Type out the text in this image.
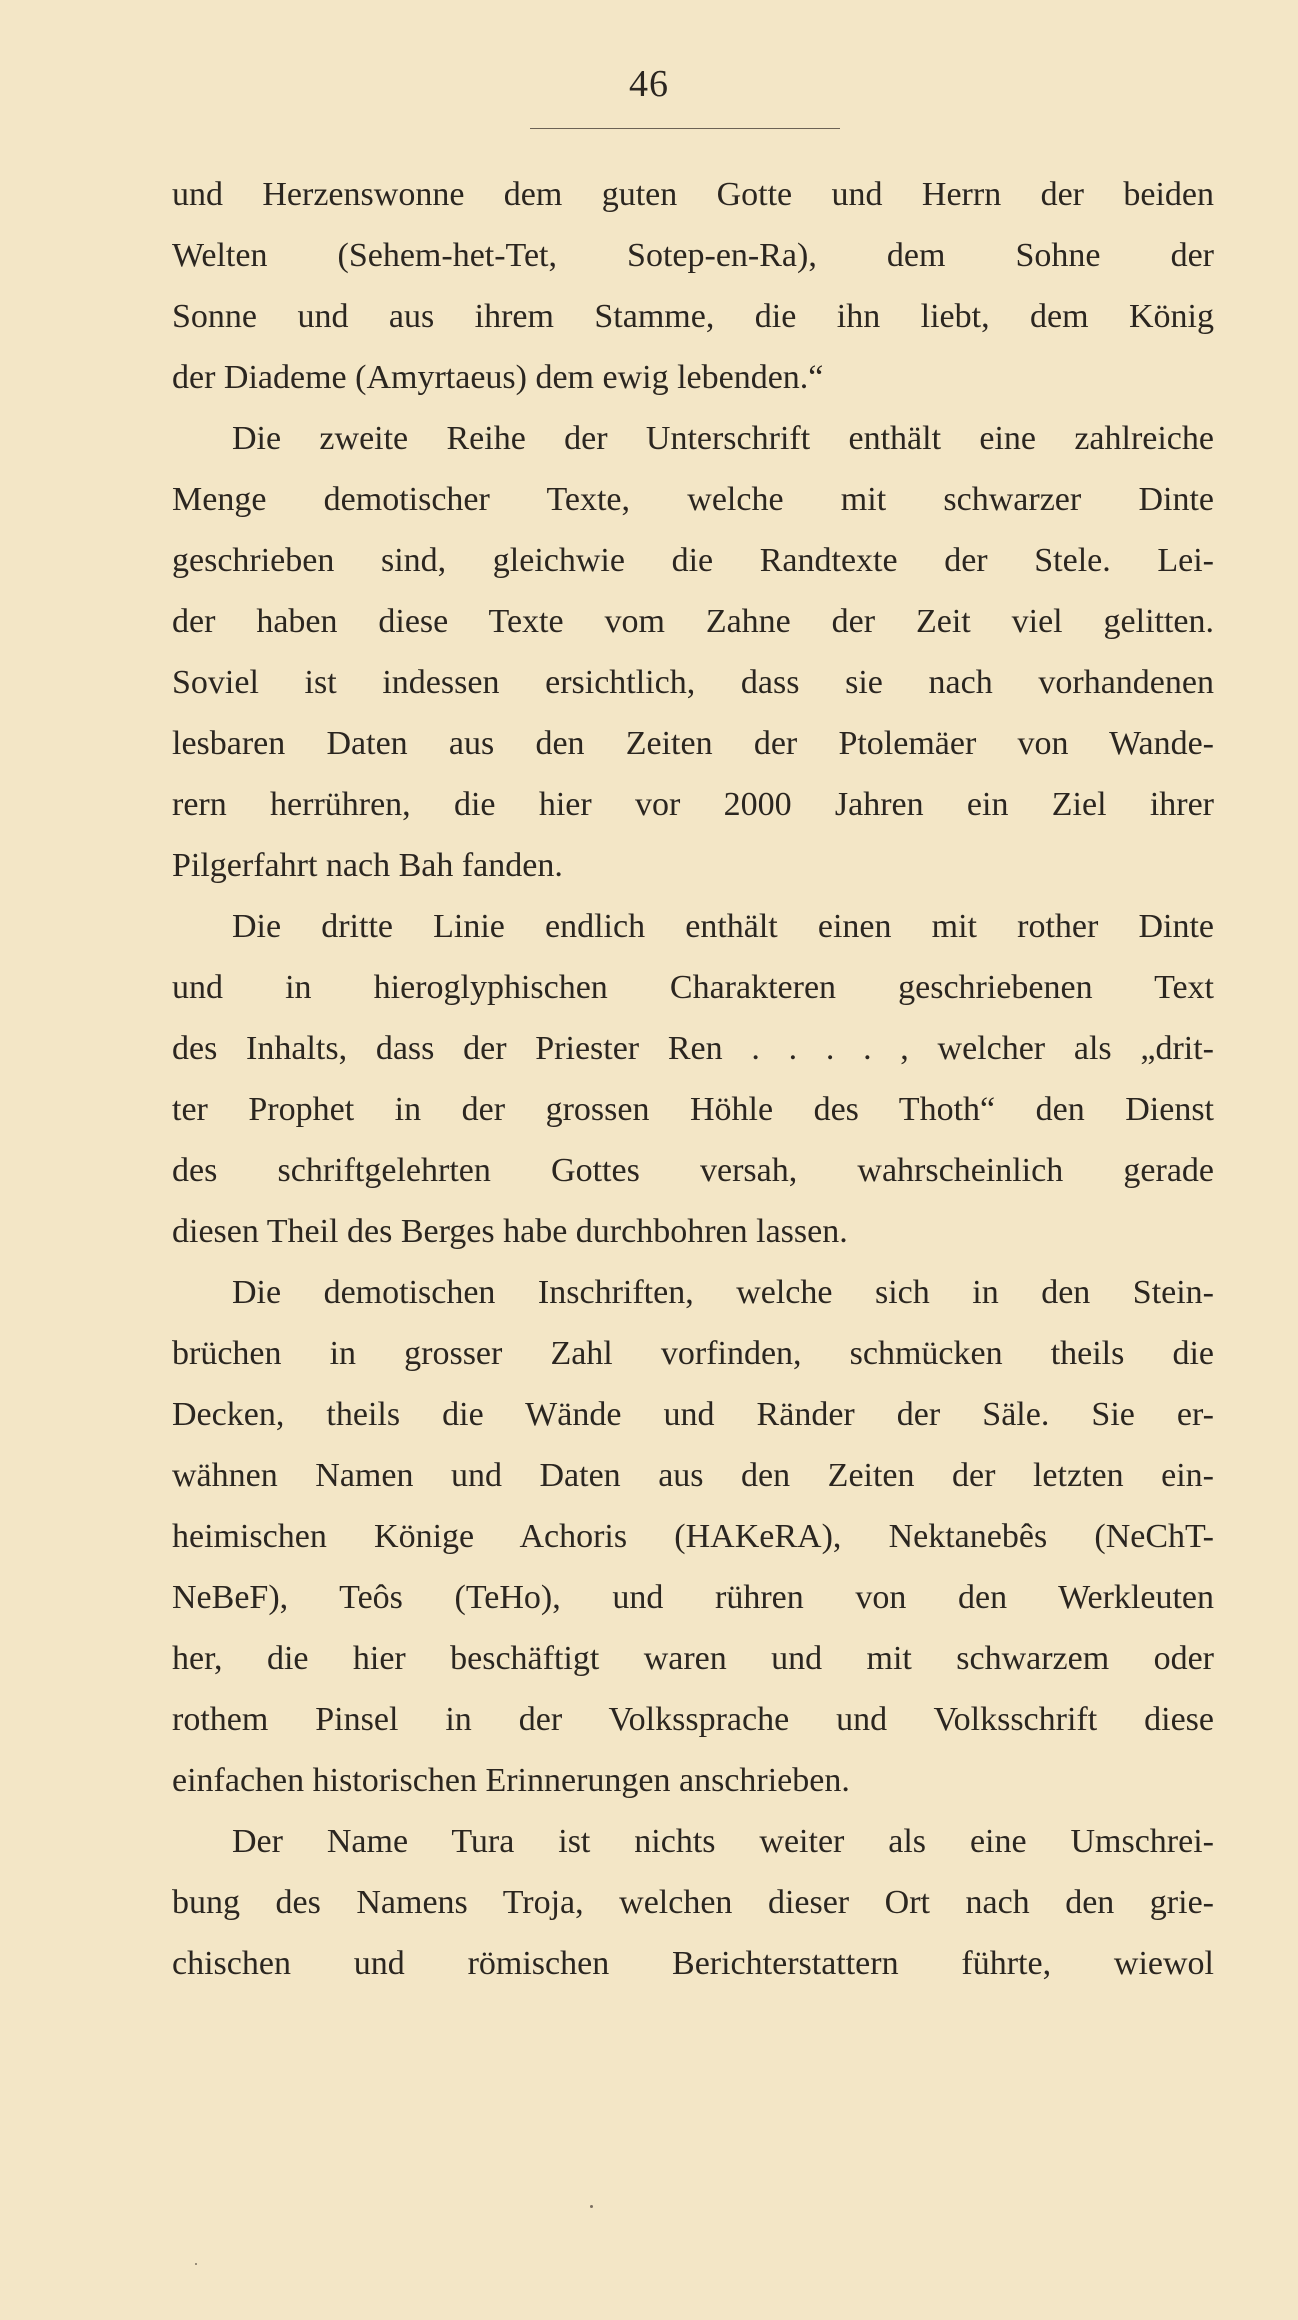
46
und Herzenswonne dem guten Gotte und Herrn der beiden
Welten (Sehem-het-Tet, Sotep-en-Ra), dem Sohne der
Sonne und aus ihrem Stamme, die ihn liebt, dem König
der Diademe (Amyrtaeus) dem ewig lebenden.“
Die zweite Reihe der Unterschrift enthält eine zahlreiche
Menge demotischer Texte, welche mit schwarzer Dinte
geschrieben sind, gleichwie die Randtexte der Stele. Lei-
der haben diese Texte vom Zahne der Zeit viel gelitten.
Soviel ist indessen ersichtlich, dass sie nach vorhandenen
lesbaren Daten aus den Zeiten der Ptolemäer von Wande-
rern herrühren, die hier vor 2000 Jahren ein Ziel ihrer
Pilgerfahrt nach Bah fanden.
Die dritte Linie endlich enthält einen mit rother Dinte
und in hieroglyphischen Charakteren geschriebenen Text
des Inhalts, dass der Priester Ren . . . . , welcher als „drit-
ter Prophet in der grossen Höhle des Thoth“ den Dienst
des schriftgelehrten Gottes versah, wahrscheinlich gerade
diesen Theil des Berges habe durchbohren lassen.
Die demotischen Inschriften, welche sich in den Stein-
brüchen in grosser Zahl vorfinden, schmücken theils die
Decken, theils die Wände und Ränder der Säle. Sie er-
wähnen Namen und Daten aus den Zeiten der letzten ein-
heimischen Könige Achoris (HAKeRA), Nektanebês (NeChT-
NeBeF), Teôs (TeHo), und rühren von den Werkleuten
her, die hier beschäftigt waren und mit schwarzem oder
rothem Pinsel in der Volkssprache und Volksschrift diese
einfachen historischen Erinnerungen anschrieben.
Der Name Tura ist nichts weiter als eine Umschrei-
bung des Namens Troja, welchen dieser Ort nach den grie-
chischen und römischen Berichterstattern führte, wiewol
